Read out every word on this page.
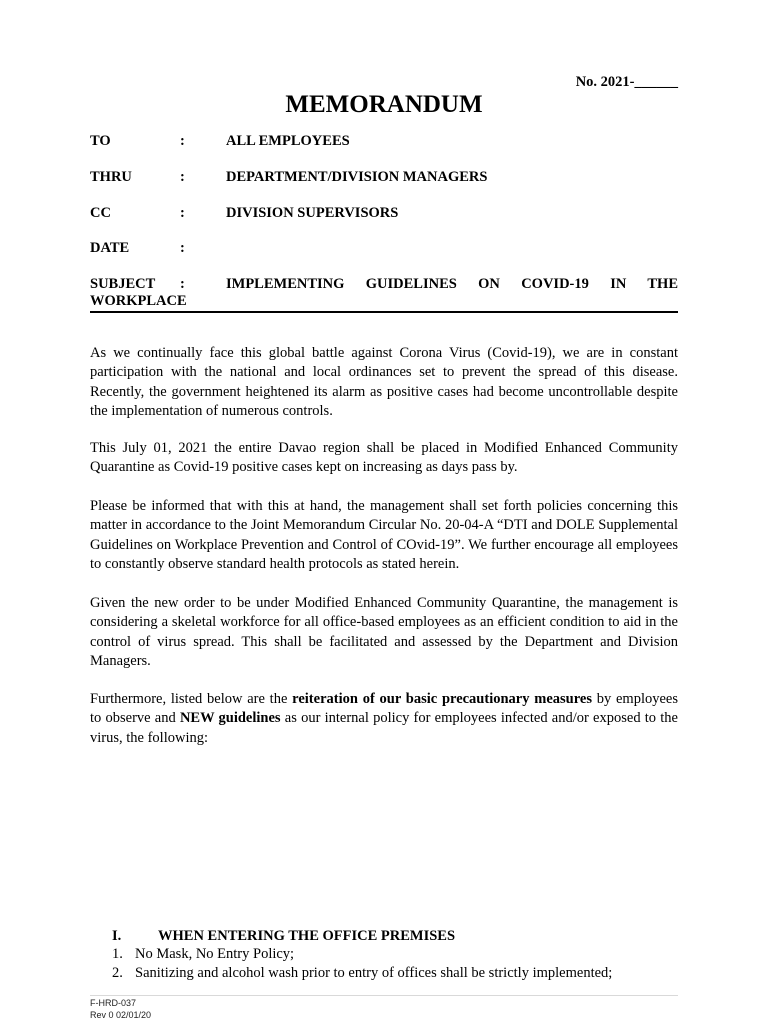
No. 2021-______
MEMORANDUM
TO	:	ALL EMPLOYEES
THRU	:	DEPARTMENT/DIVISION MANAGERS
CC	:	DIVISION SUPERVISORS
DATE	:
SUBJECT :	IMPLEMENTING GUIDELINES ON COVID-19 IN THE WORKPLACE

As we continually face this global battle against Corona Virus (Covid-19), we are in constant participation with the national and local ordinances set to prevent the spread of this disease. Recently, the government heightened its alarm as positive cases had become uncontrollable despite the implementation of numerous controls.

This July 01, 2021 the entire Davao region shall be placed in Modified Enhanced Community Quarantine as Covid-19 positive cases kept on increasing as days pass by.

Please be informed that with this at hand, the management shall set forth policies concerning this matter in accordance to the Joint Memorandum Circular No. 20-04-A “DTI and DOLE Supplemental Guidelines on Workplace Prevention and Control of COvid-19”. We further encourage all employees to constantly observe standard health protocols as stated herein.

Given the new order to be under Modified Enhanced Community Quarantine, the management is considering a skeletal workforce for all office-based employees as an efficient condition to aid in the control of virus spread. This shall be facilitated and assessed by the Department and Division Managers.

Furthermore, listed below are the reiteration of our basic precautionary measures by employees to observe and NEW guidelines as our internal policy for employees infected and/or exposed to the virus, the following:

I.	WHEN ENTERING THE OFFICE PREMISES
1. No Mask, No Entry Policy;
2. Sanitizing and alcohol wash prior to entry of offices shall be strictly implemented;
F-HRD-037
Rev 0 02/01/20
